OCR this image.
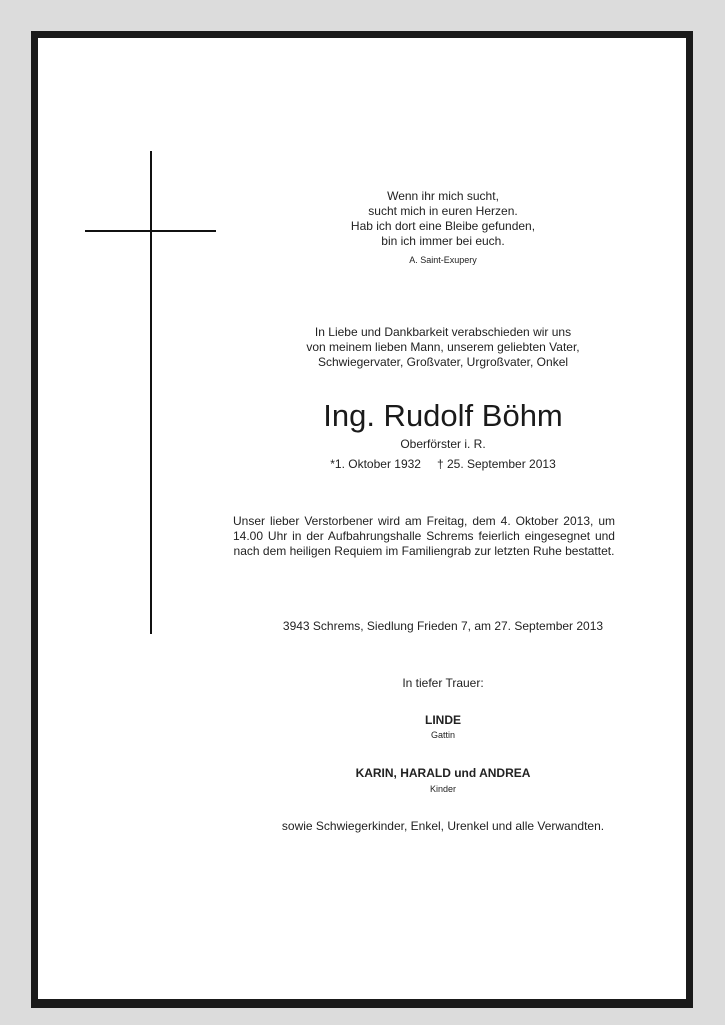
Wenn ihr mich sucht,
sucht mich in euren Herzen.
Hab ich dort eine Bleibe gefunden,
bin ich immer bei euch.
A. Saint-Exupery
In Liebe und Dankbarkeit verabschieden wir uns
von meinem lieben Mann, unserem geliebten Vater,
Schwiegervater, Großvater, Urgroßvater, Onkel
Ing. Rudolf Böhm
Oberförster i. R.
*1. Oktober 1932 † 25. September 2013
Unser lieber Verstorbener wird am Freitag, dem 4. Oktober 2013, um 14.00 Uhr in der Aufbahrungshalle Schrems feierlich eingesegnet und nach dem heiligen Requiem im Familiengrab zur letzten Ruhe bestattet.
3943 Schrems, Siedlung Frieden 7, am 27. September 2013
In tiefer Trauer:
LINDE
Gattin
KARIN, HARALD und ANDREA
Kinder
sowie Schwiegerkinder, Enkel, Urenkel und alle Verwandten.
